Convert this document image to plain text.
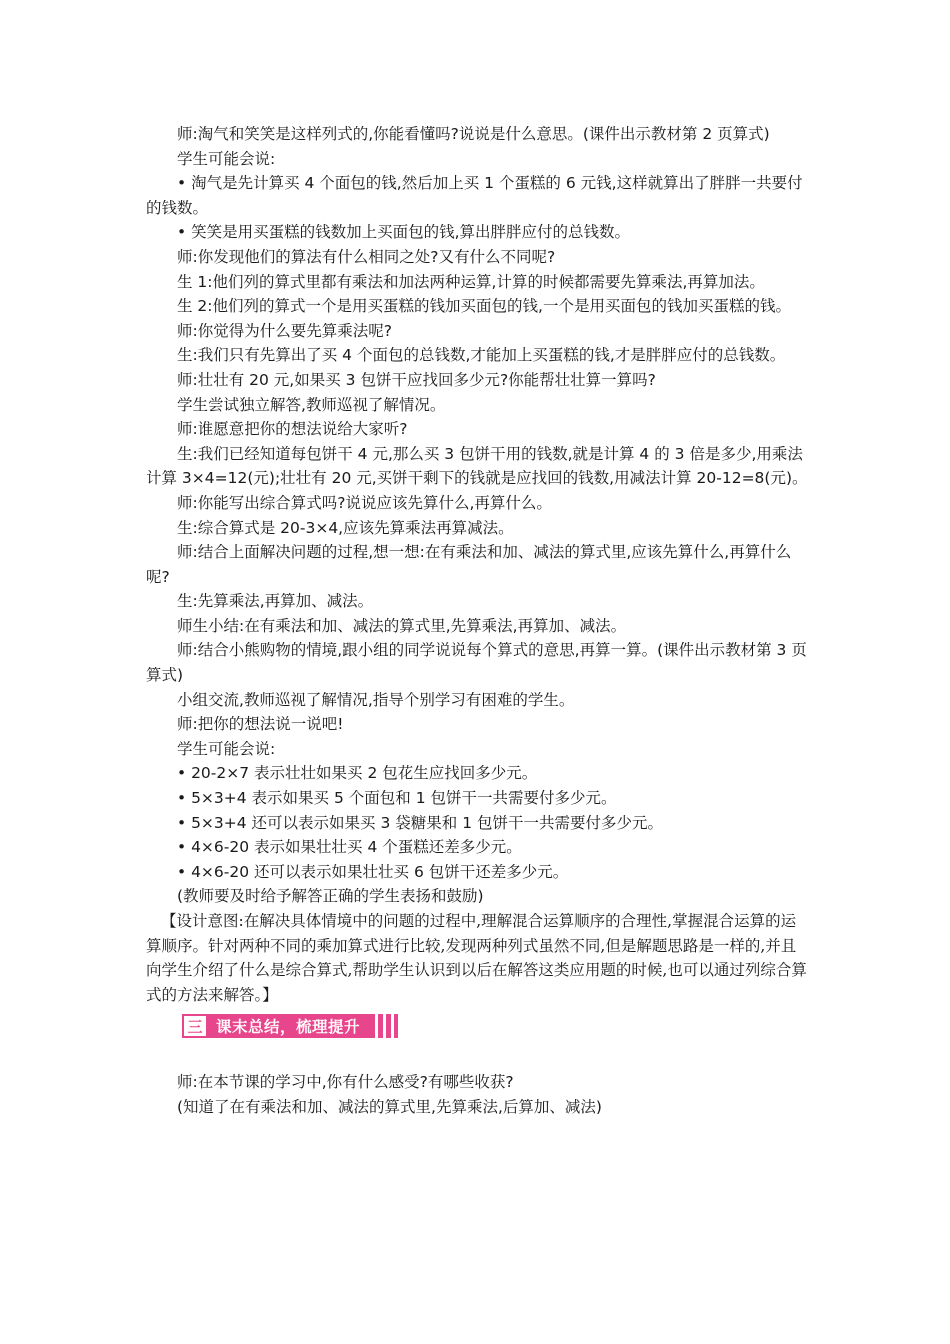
师:淘气和笑笑是这样列式的,你能看懂吗?说说是什么意思。(课件出示教材第 2 页算式)

学生可能会说:

• 淘气是先计算买 4 个面包的钱,然后加上买 1 个蛋糕的 6 元钱,这样就算出了胖胖一共要付的钱数。

• 笑笑是用买蛋糕的钱数加上买面包的钱,算出胖胖应付的总钱数。

师:你发现他们的算法有什么相同之处?又有什么不同呢?

生 1:他们列的算式里都有乘法和加法两种运算,计算的时候都需要先算乘法,再算加法。

生 2:他们列的算式一个是用买蛋糕的钱加买面包的钱,一个是用买面包的钱加买蛋糕的钱。

师:你觉得为什么要先算乘法呢?

生:我们只有先算出了买 4 个面包的总钱数,才能加上买蛋糕的钱,才是胖胖应付的总钱数。

师:壮壮有 20 元,如果买 3 包饼干应找回多少元?你能帮壮壮算一算吗?

学生尝试独立解答,教师巡视了解情况。

师:谁愿意把你的想法说给大家听?

生:我们已经知道每包饼干 4 元,那么买 3 包饼干用的钱数,就是计算 4 的 3 倍是多少,用乘法计算 3×4=12(元);壮壮有 20 元,买饼干剩下的钱就是应找回的钱数,用减法计算 20-12=8(元)。

师:你能写出综合算式吗?说说应该先算什么,再算什么。

生:综合算式是 20-3×4,应该先算乘法再算减法。

师:结合上面解决问题的过程,想一想:在有乘法和加、减法的算式里,应该先算什么,再算什么呢?

生:先算乘法,再算加、减法。

师生小结:在有乘法和加、减法的算式里,先算乘法,再算加、减法。

师:结合小熊购物的情境,跟小组的同学说说每个算式的意思,再算一算。(课件出示教材第 3 页算式)

小组交流,教师巡视了解情况,指导个别学习有困难的学生。

师:把你的想法说一说吧!

学生可能会说:

• 20-2×7 表示壮壮如果买 2 包花生应找回多少元。

• 5×3+4 表示如果买 5 个面包和 1 包饼干一共需要付多少元。

• 5×3+4 还可以表示如果买 3 袋糖果和 1 包饼干一共需要付多少元。

• 4×6-20 表示如果壮壮买 4 个蛋糕还差多少元。

• 4×6-20 还可以表示如果壮壮买 6 包饼干还差多少元。

(教师要及时给予解答正确的学生表扬和鼓励)

【设计意图:在解决具体情境中的问题的过程中,理解混合运算顺序的合理性,掌握混合运算的运算顺序。针对两种不同的乘加算式进行比较,发现两种列式虽然不同,但是解题思路是一样的,并且向学生介绍了什么是综合算式,帮助学生认识到以后在解答这类应用题的时候,也可以通过列综合算式的方法来解答。】

三 课末总结，梳理提升

师:在本节课的学习中,你有什么感受?有哪些收获?

(知道了在有乘法和加、减法的算式里,先算乘法,后算加、减法)
